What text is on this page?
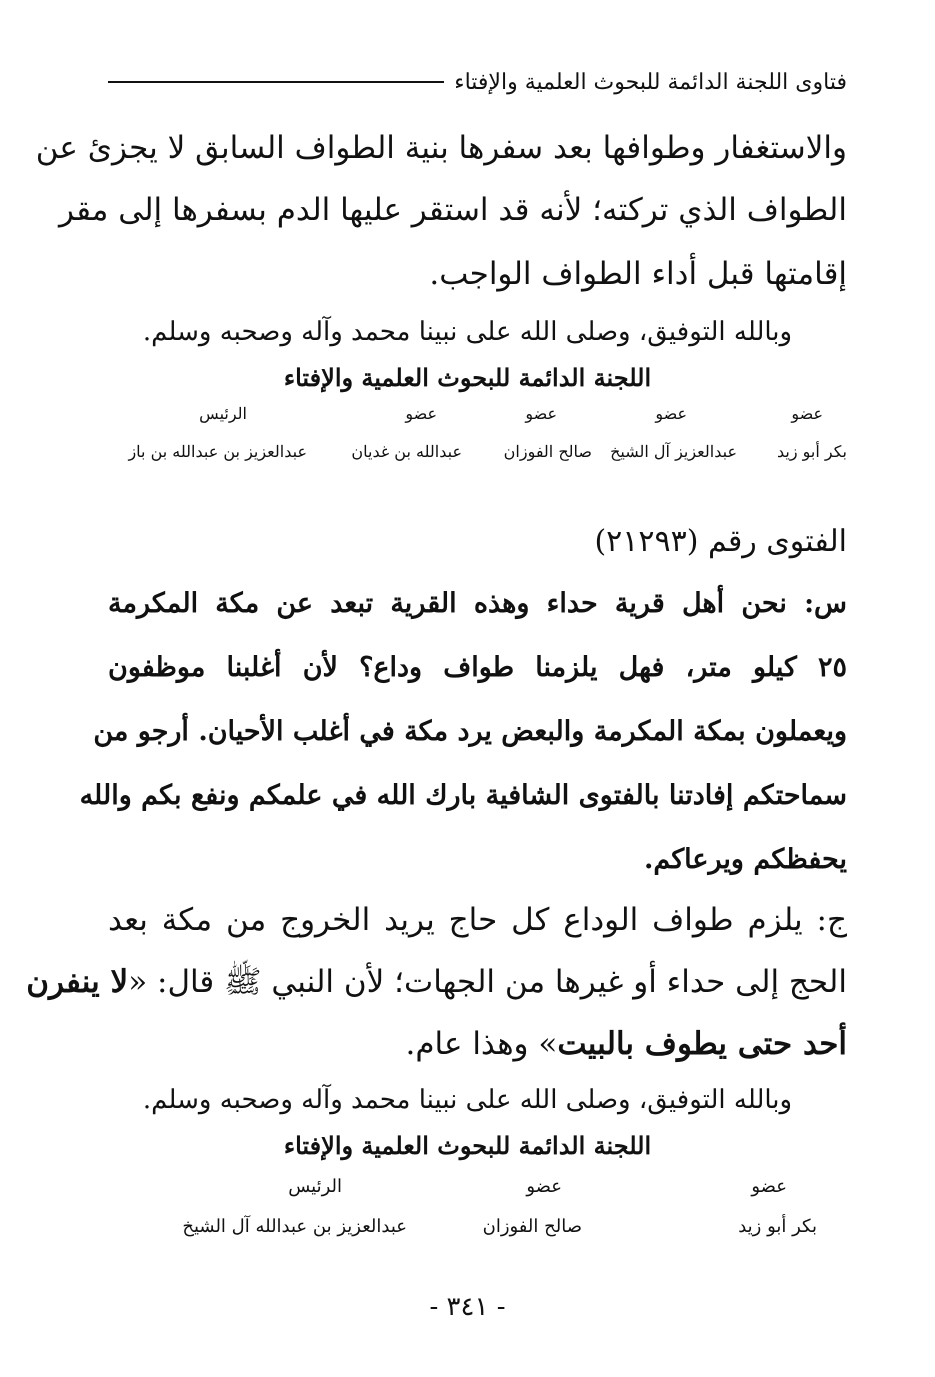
فتاوى اللجنة الدائمة للبحوث العلمية والإفتاء
والاستغفار وطوافها بعد سفرها بنية الطواف السابق لا يجزئ عن
الطواف الذي تركته؛ لأنه قد استقر عليها الدم بسفرها إلى مقر
إقامتها قبل أداء الطواف الواجب.
وبالله التوفيق، وصلى الله على نبينا محمد وآله وصحبه وسلم.
اللجنة الدائمة للبحوث العلمية والإفتاء
عضو
عضو
عضو
عضو
الرئيس
بكر أبو زيد
عبدالعزيز آل الشيخ
صالح الفوزان
عبدالله بن غديان
عبدالعزيز بن عبدالله بن باز
الفتوى رقم (٢١٢٩٣)
س: نحن أهل قرية حداء وهذه القرية تبعد عن مكة المكرمة
٢٥ كيلو متر، فهل يلزمنا طواف وداع؟ لأن أغلبنا موظفون
ويعملون بمكة المكرمة والبعض يرد مكة في أغلب الأحيان. أرجو من
سماحتكم إفادتنا بالفتوى الشافية بارك الله في علمكم ونفع بكم والله
يحفظكم ويرعاكم.
ج: يلزم طواف الوداع كل حاج يريد الخروج من مكة بعد
الحج إلى حداء أو غيرها من الجهات؛ لأن النبي ﷺ قال: «لا ينفرن
أحد حتى يطوف بالبيت» وهذا عام.
وبالله التوفيق، وصلى الله على نبينا محمد وآله وصحبه وسلم.
اللجنة الدائمة للبحوث العلمية والإفتاء
عضو
عضو
الرئيس
بكر أبو زيد
صالح الفوزان
عبدالعزيز بن عبدالله آل الشيخ
- ٣٤١ -
